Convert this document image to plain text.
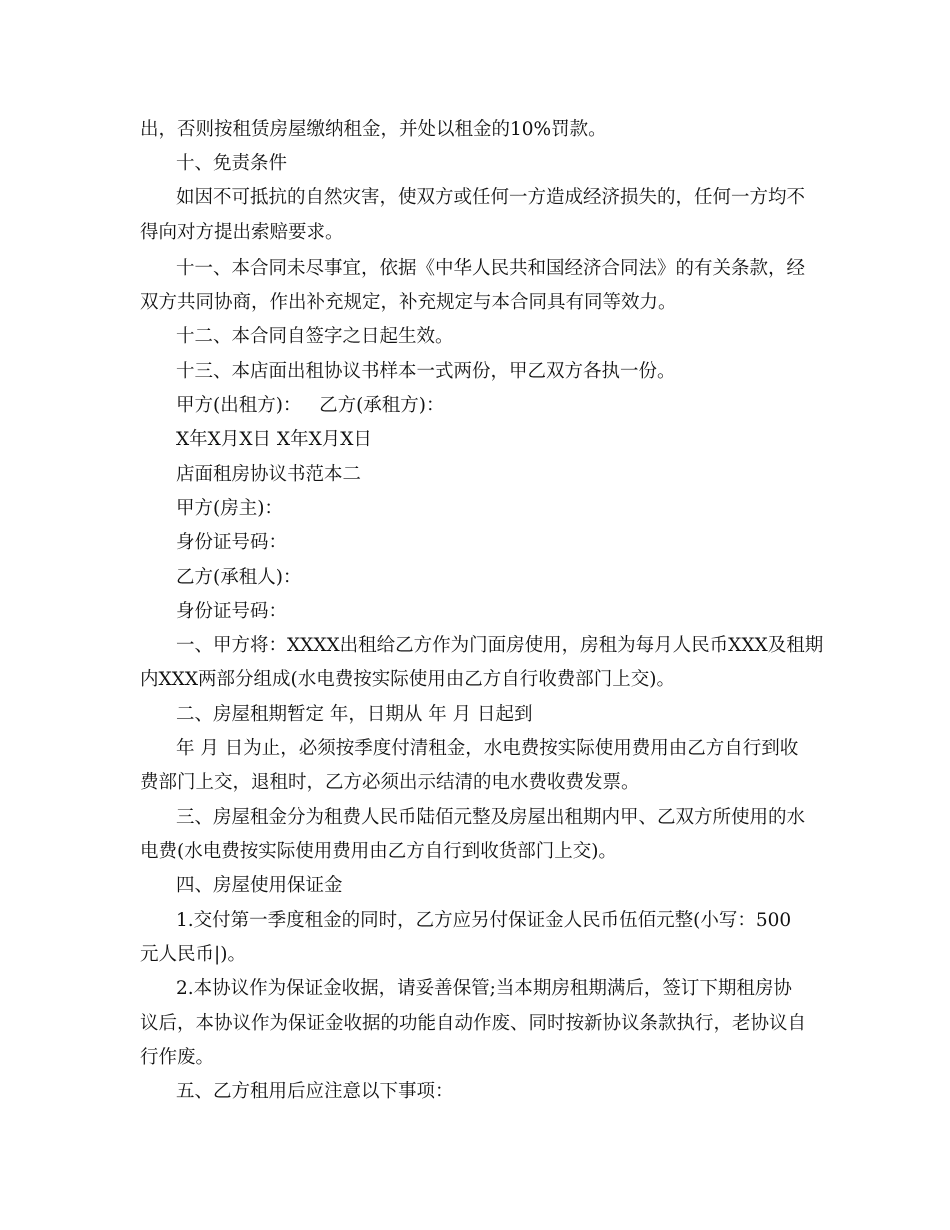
出，否则按租赁房屋缴纳租金，并处以租金的10%罚款。
十、免责条件
如因不可抵抗的自然灾害，使双方或任何一方造成经济损失的，任何一方均不
得向对方提出索赔要求。
十一、本合同未尽事宜，依据《中华人民共和国经济合同法》的有关条款，经
双方共同协商，作出补充规定，补充规定与本合同具有同等效力。
十二、本合同自签字之日起生效。
十三、本店面出租协议书样本一式两份，甲乙双方各执一份。
甲方(出租方)：   乙方(承租方)：
X年X月X日 X年X月X日
店面租房协议书范本二
甲方(房主)：
身份证号码：
乙方(承租人)：
身份证号码：
一、甲方将：XXXX出租给乙方作为门面房使用，房租为每月人民币XXX及租期
内XXX两部分组成(水电费按实际使用由乙方自行收费部门上交)。
二、房屋租期暂定 年，日期从 年 月 日起到
年 月 日为止，必须按季度付清租金，水电费按实际使用费用由乙方自行到收
费部门上交，退租时，乙方必须出示结清的电水费收费发票。
三、房屋租金分为租费人民币陆佰元整及房屋出租期内甲、乙双方所使用的水
电费(水电费按实际使用费用由乙方自行到收货部门上交)。
四、房屋使用保证金
1.交付第一季度租金的同时，乙方应另付保证金人民币伍佰元整(小写：500
元人民币|)。
2.本协议作为保证金收据，请妥善保管;当本期房租期满后，签订下期租房协
议后，本协议作为保证金收据的功能自动作废、同时按新协议条款执行，老协议自
行作废。
五、乙方租用后应注意以下事项：
